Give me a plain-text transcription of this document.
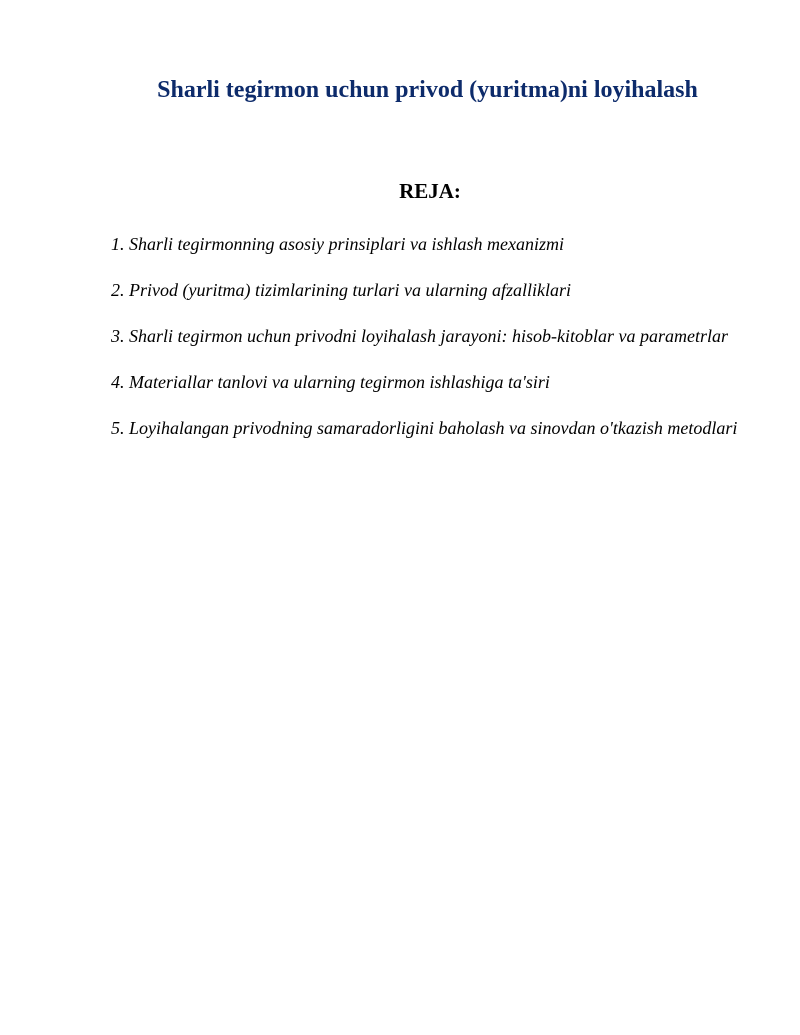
Sharli tegirmon uchun privod (yuritma)ni loyihalash
REJA:
1. Sharli tegirmonning asosiy prinsiplari va ishlash mexanizmi
2. Privod (yuritma) tizimlarining turlari va ularning afzalliklari
3. Sharli tegirmon uchun privodni loyihalash jarayoni: hisob-kitoblar va parametrlar
4. Materiallar tanlovi va ularning tegirmon ishlashiga ta'siri
5. Loyihalangan privodning samaradorligini baholash va sinovdan o'tkazish metodlari
